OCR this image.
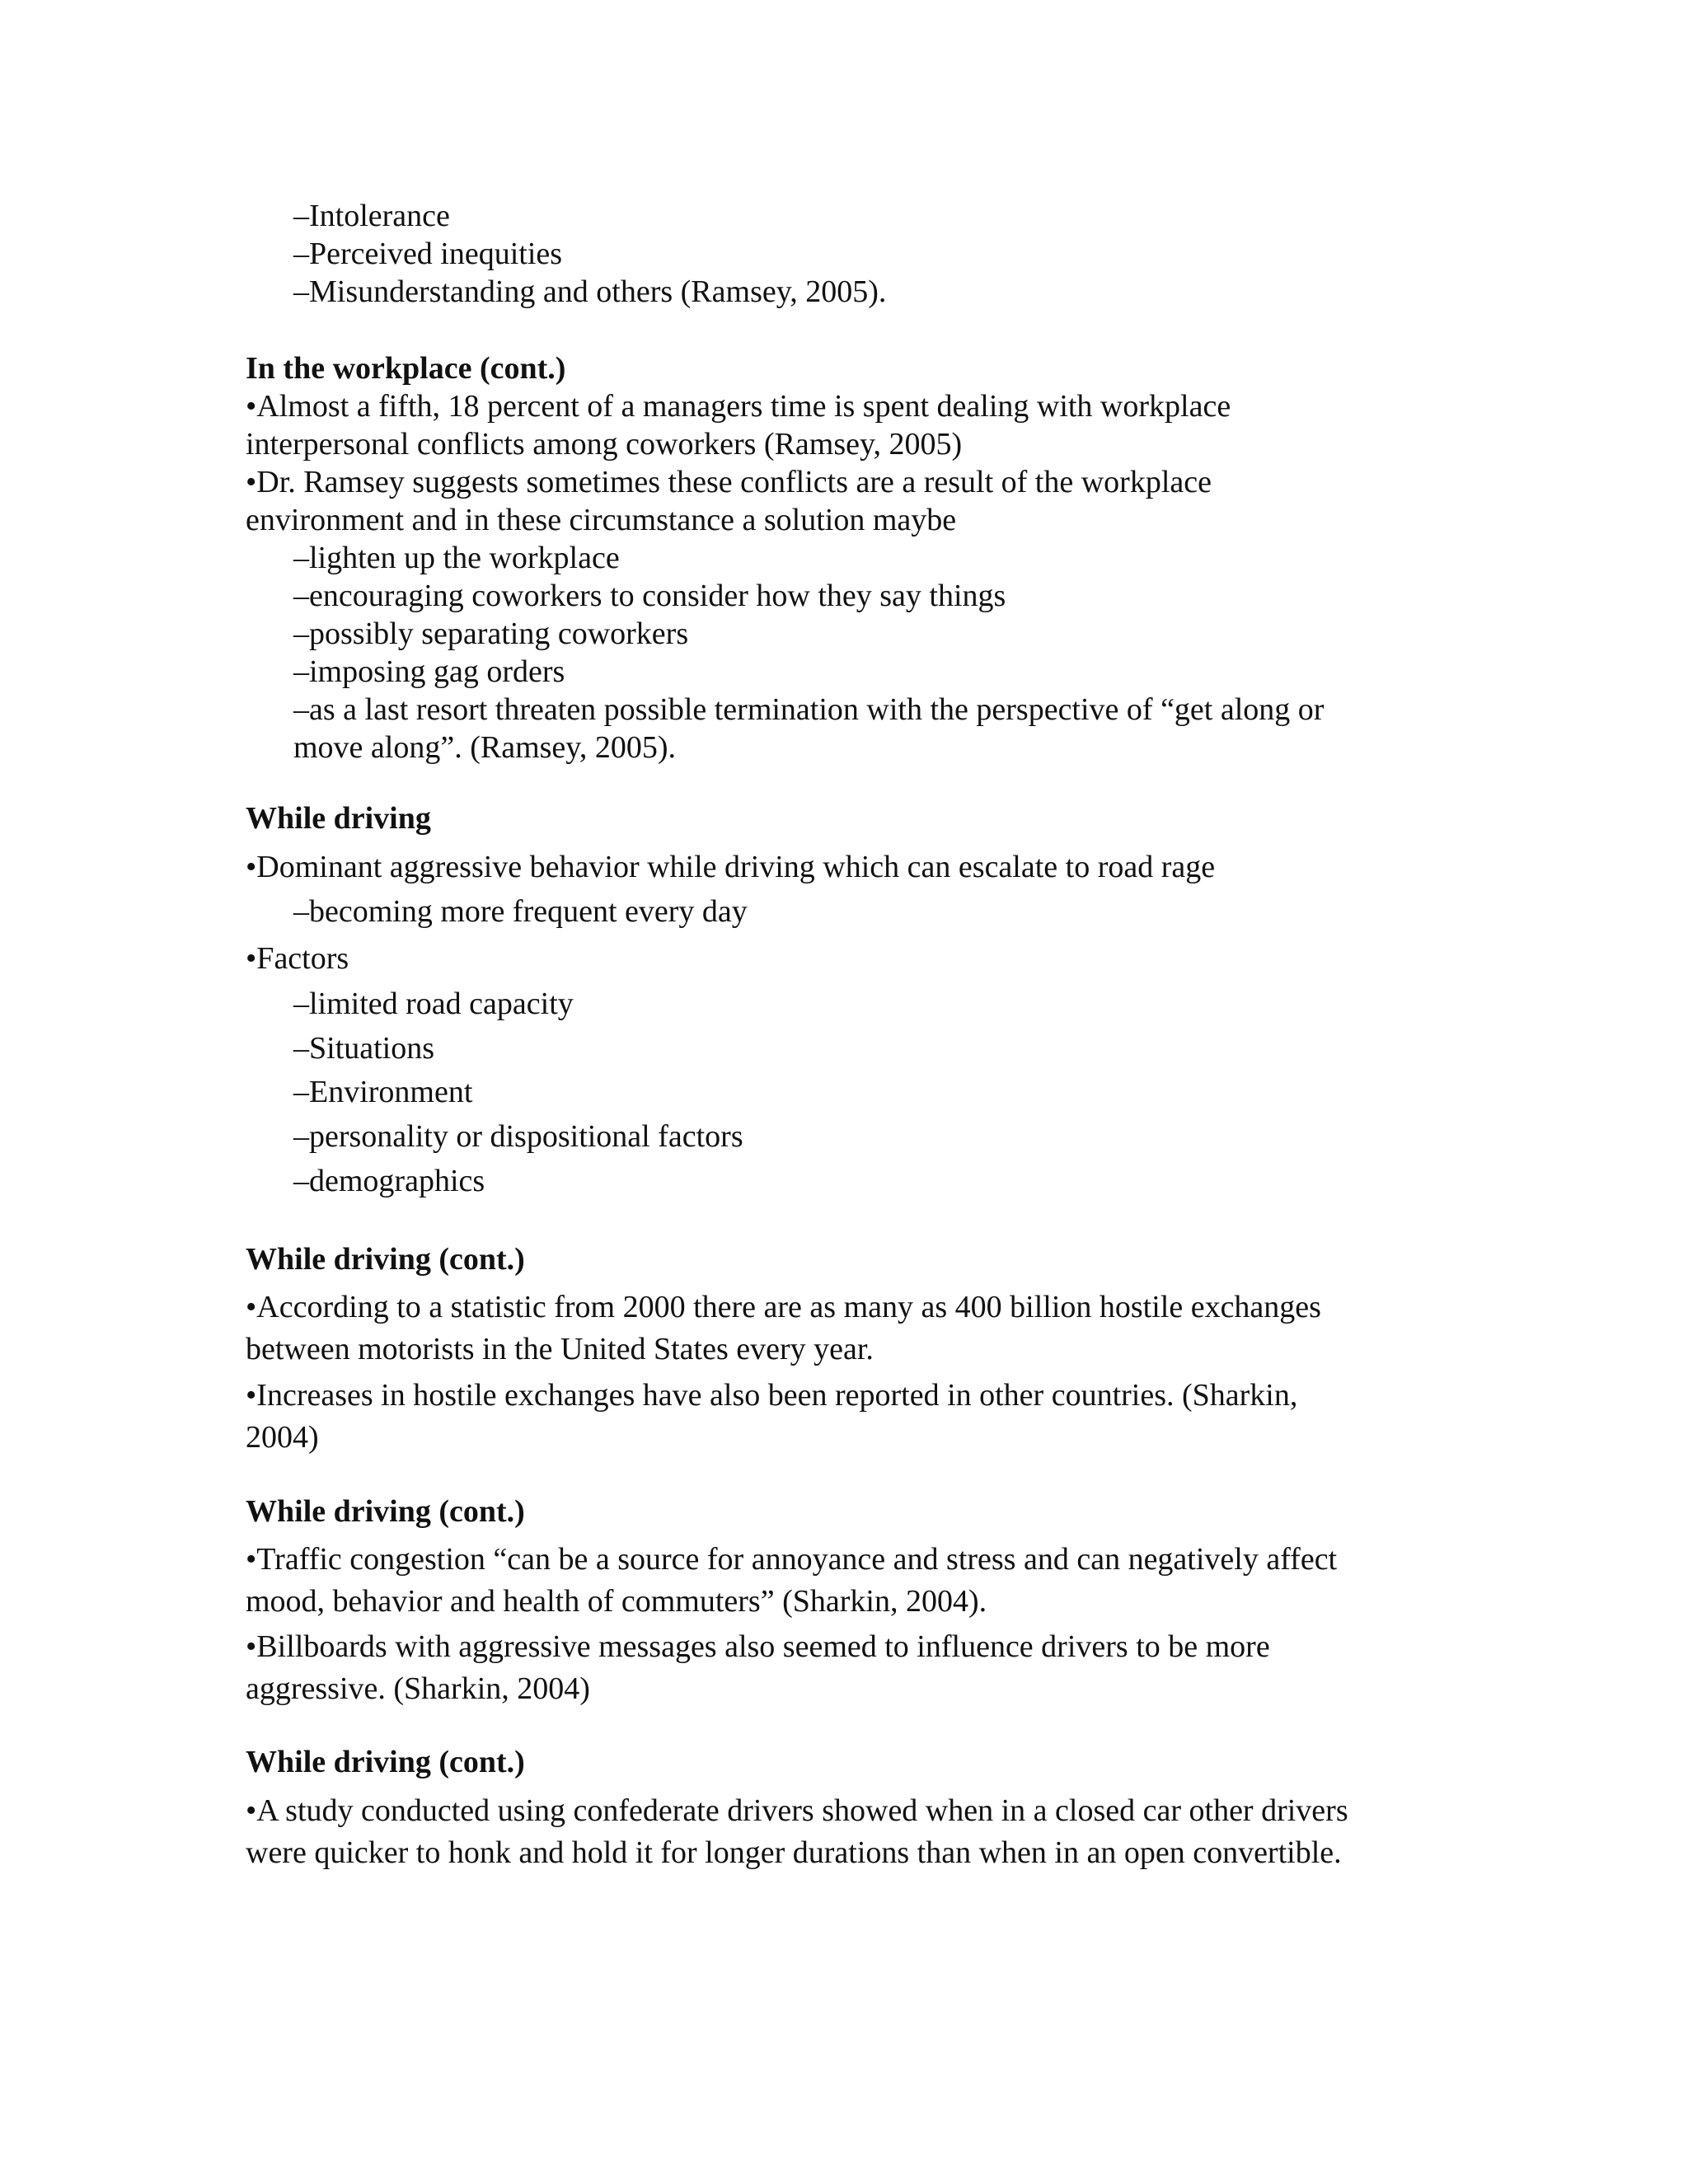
–Intolerance
–Perceived inequities
–Misunderstanding and others (Ramsey, 2005).
In the workplace (cont.)
•Almost a fifth, 18 percent of a managers time is spent dealing with workplace
interpersonal conflicts among coworkers (Ramsey, 2005)
•Dr. Ramsey suggests sometimes these conflicts are a result of the workplace
environment and in these circumstance a solution maybe
–lighten up the workplace
–encouraging coworkers to consider how they say things
–possibly separating coworkers
–imposing gag orders
–as a last resort threaten possible termination with the perspective of “get along or
move along”. (Ramsey, 2005).
While driving
•Dominant aggressive behavior while driving which can escalate to road rage
–becoming more frequent every day
•Factors
–limited road capacity
–Situations
–Environment
–personality or dispositional factors
–demographics
While driving (cont.)
•According to a statistic from 2000 there are as many as 400 billion hostile exchanges
between motorists in the United States every year.
•Increases in hostile exchanges have also been reported in other countries. (Sharkin,
2004)
While driving (cont.)
•Traffic congestion “can be a source for annoyance and stress and can negatively affect
mood, behavior and health of commuters” (Sharkin, 2004).
•Billboards with aggressive messages also seemed to influence drivers to be more
aggressive. (Sharkin, 2004)
While driving (cont.)
•A study conducted using confederate drivers showed when in a closed car other drivers
were quicker to honk and hold it for longer durations than when in an open convertible.
